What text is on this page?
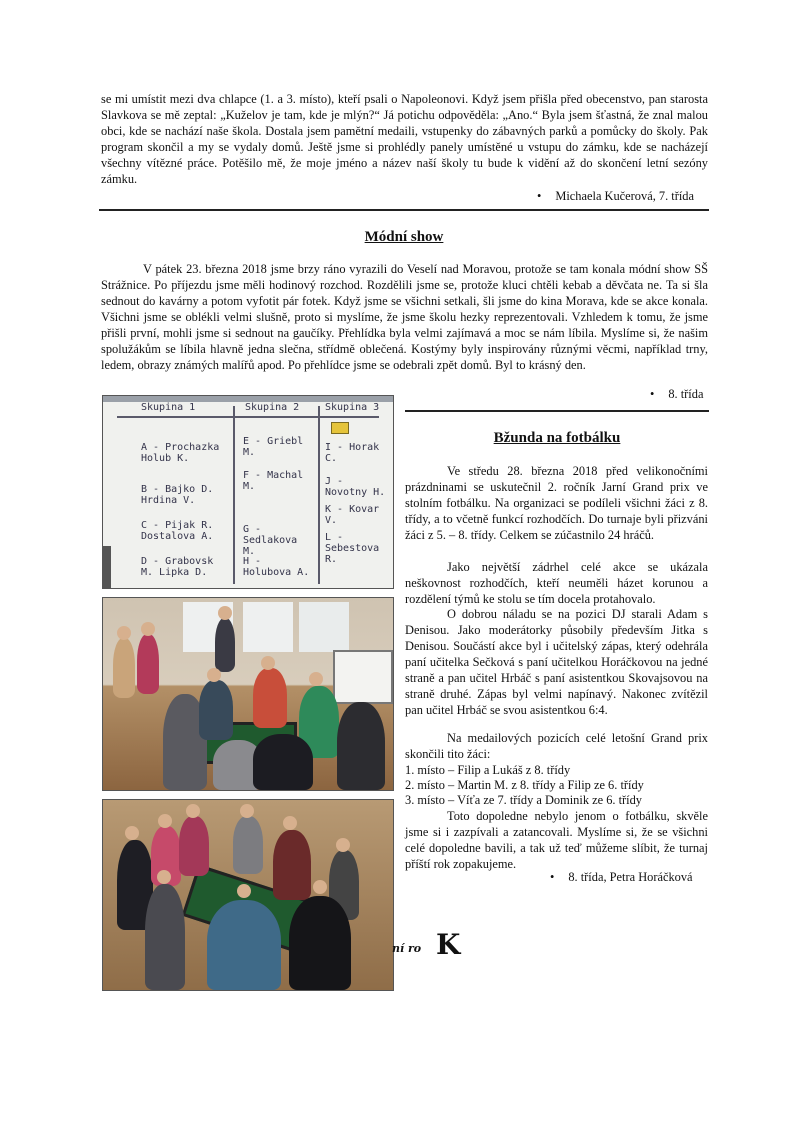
se mi umístit mezi dva chlapce (1. a 3. místo), kteří psali o Napoleonovi. Když jsem přišla před obecenstvo, pan starosta Slavkova se mě zeptal: „Kuželov je tam, kde je mlýn?“ Já potichu odpověděla: „Ano.“ Byla jsem šťastná, že znal malou obci, kde se nachází naše škola. Dostala jsem pamětní medaili, vstupenky do zábavných parků a pomůcky do školy. Pak program skončil a my se vydaly domů. Ještě jsme si prohlédly panely umístěné u vstupu do zámku, kde se nacházejí všechny vítězné práce. Potěšilo mě, že moje jméno a název naší školy tu bude k vidění až do skončení letní sezóny zámku.
• Michaela Kučerová, 7. třída
Módní show
V pátek 23. března 2018 jsme brzy ráno vyrazili do Veselí nad Moravou, protože se tam konala módní show SŠ Strážnice. Po příjezdu jsme měli hodinový rozchod. Rozdělili jsme se, protože kluci chtěli kebab a děvčata ne. Ta si šla sednout do kavárny a potom vyfotit pár fotek. Když jsme se všichni setkali, šli jsme do kina Morava, kde se akce konala. Všichni jsme se oblékli velmi slušně, proto si myslíme, že jsme školu hezky reprezentovali. Vzhledem k tomu, že jsme přišli první, mohli jsme si sednout na gaučíky. Přehlídka byla velmi zajímavá a moc se nám líbila. Myslíme si, že našim spolužákům se líbila hlavně jedna slečna, střídmě oblečená. Kostýmy byly inspirovány různými věcmi, například trny, ledem, obrazy známých malířů apod. Po přehlídce jsme se odebrali zpět domů. Byl to krásný den.
• 8. třída
Skupina 1	Skupina 2	Skupina 3
A - Prochazka Holub K.
B - Bajko D. Hrdina V.
C - Pijak R. Dostalova A.
D - Grabovsk M. Lipka D.
E - Griebl M.
F - Machal M.
G - Sedlakova M.
H - Holubova A.
I - Horak C.
J - Novotny H.
K - Kovar V.
L - Sebestova R.
Bžunda na fotbálku
Ve středu 28. března 2018 před velikonočními prázdninami se uskutečnil 2. ročník Jarní Grand prix ve stolním fotbálku. Na organizaci se podíleli všichni žáci z 8. třídy, a to včetně funkcí rozhodčích. Do turnaje byli přizváni žáci z 5. – 8. třídy. Celkem se zúčastnilo 24 hráčů.
Jako největší zádrhel celé akce se ukázala neškovnost rozhodčích, kteří neuměli házet korunou a rozdělení týmů ke stolu se tím docela protahovalo.
O dobrou náladu se na pozici DJ starali Adam s Denisou. Jako moderátorky působily především Jitka s Denisou. Součástí akce byl i učitelský zápas, který odehrála paní učitelka Sečková s paní učitelkou Horáčkovou na jedné straně a pan učitel Hrbáč s paní asistentkou Skovajsovou na straně druhé. Zápas byl velmi napínavý. Nakonec zvítězil pan učitel Hrbáč se svou asistentkou 6:4.
Na medailových pozicích celé letošní Grand prix skončili tito žáci:
1. místo – Filip a Lukáš z 8. třídy
2. místo – Martin M. z 8. třídy a Filip ze 6. třídy
3. místo – Víťa ze 7. třídy a Dominik ze 6. třídy
Toto dopoledne nebylo jenom o fotbálku, skvěle jsme si i zazpívali a zatancovali. Myslíme si, že se všichni celé dopoledne bavili, a tak už teď můžeme slíbit, že turnaj příští rok zopakujeme.
• 8. třída, Petra Horáčková
ní ro K
